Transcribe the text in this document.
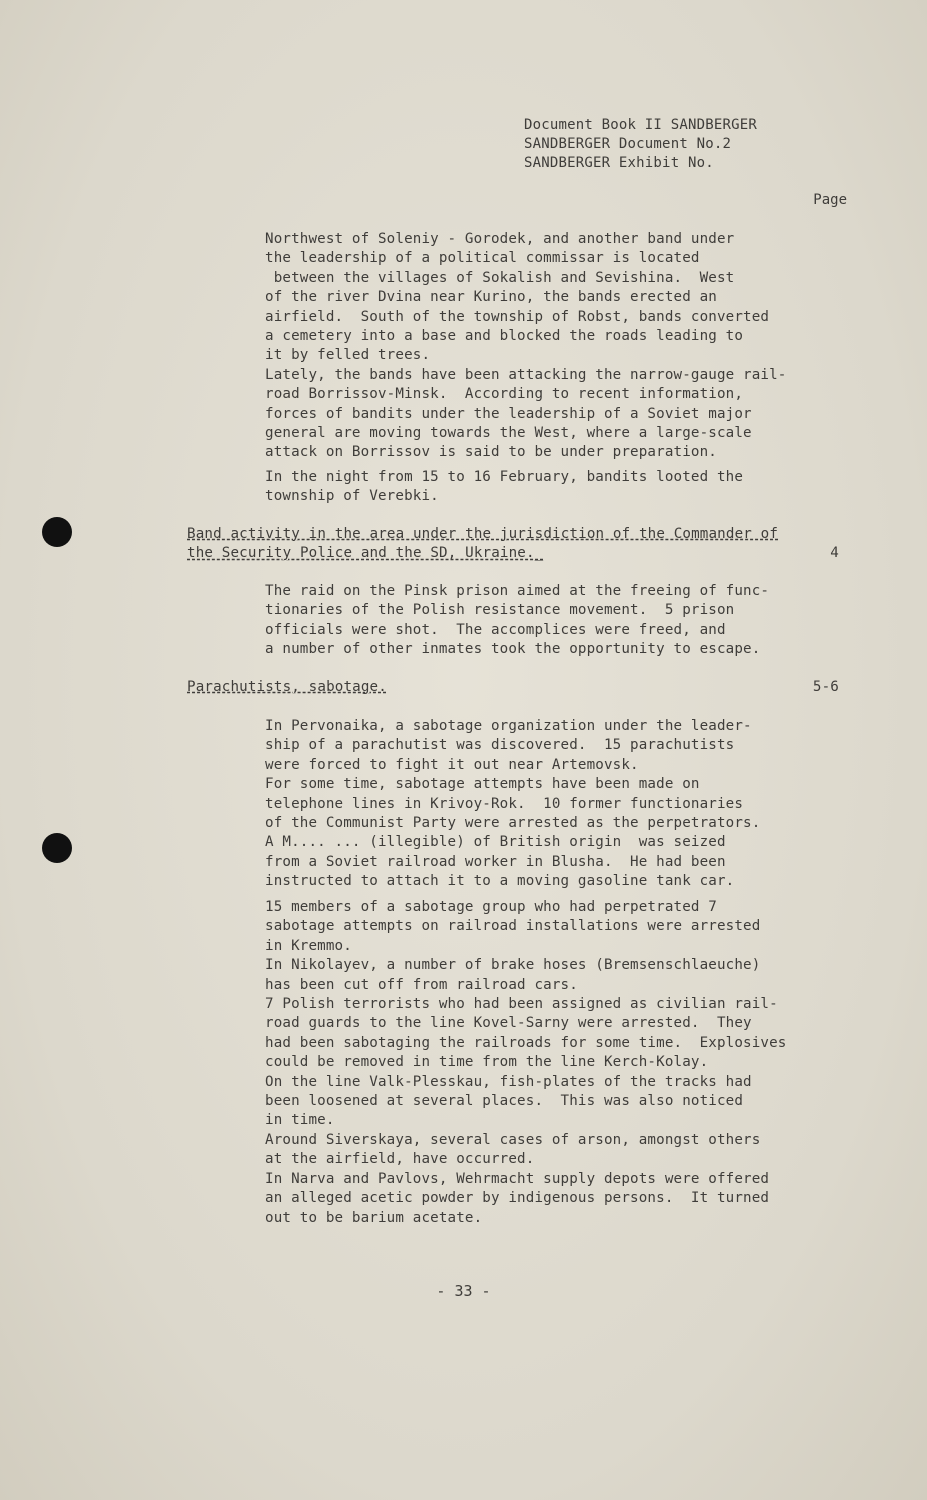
Document Book II SANDBERGER
SANDBERGER Document No.2
SANDBERGER Exhibit No.
Page
Northwest of Soleniy - Gorodek, and another band under
the leadership of a political commissar is located
between the villages of Sokalish and Sevishina.  West
of the river Dvina near Kurino, the bands erected an
airfield.  South of the township of Robst, bands converted
a cemetery into a base and blocked the roads leading to
it by felled trees.
Lately, the bands have been attacking the narrow-gauge rail-
road Borrissov-Minsk.  According to recent information,
forces of bandits under the leadership of a Soviet major
general are moving towards the West, where a large-scale
attack on Borrissov is said to be under preparation.
In the night from 15 to 16 February, bandits looted the
township of Verebki.
Band activity in the area under the jurisdiction of the Commander of
the Security Police and the SD, Ukraine._	4
The raid on the Pinsk prison aimed at the freeing of func-
tionaries of the Polish resistance movement.  5 prison
officials were shot.  The accomplices were freed, and
a number of other inmates took the opportunity to escape.
Parachutists, sabotage.	5-6
In Pervonaika, a sabotage organization under the leader-
ship of a parachutist was discovered.  15 parachutists
were forced to fight it out near Artemovsk.
For some time, sabotage attempts have been made on
telephone lines in Krivoy-Rok.  10 former functionaries
of the Communist Party were arrested as the perpetrators.
A M.... ... (illegible) of British origin  was seized
from a Soviet railroad worker in Blusha.  He had been
instructed to attach it to a moving gasoline tank car.
15 members of a sabotage group who had perpetrated 7
sabotage attempts on railroad installations were arrested
in Kremmo.
In Nikolayev, a number of brake hoses (Bremsenschlaeuche)
has been cut off from railroad cars.
7 Polish terrorists who had been assigned as civilian rail-
road guards to the line Kovel-Sarny were arrested.  They
had been sabotaging the railroads for some time.  Explosives
could be removed in time from the line Kerch-Kolay.
On the line Valk-Plesskau, fish-plates of the tracks had
been loosened at several places.  This was also noticed
in time.
Around Siverskaya, several cases of arson, amongst others
at the airfield, have occurred.
In Narva and Pavlovs, Wehrmacht supply depots were offered
an alleged acetic powder by indigenous persons.  It turned
out to be barium acetate.
- 33 -
